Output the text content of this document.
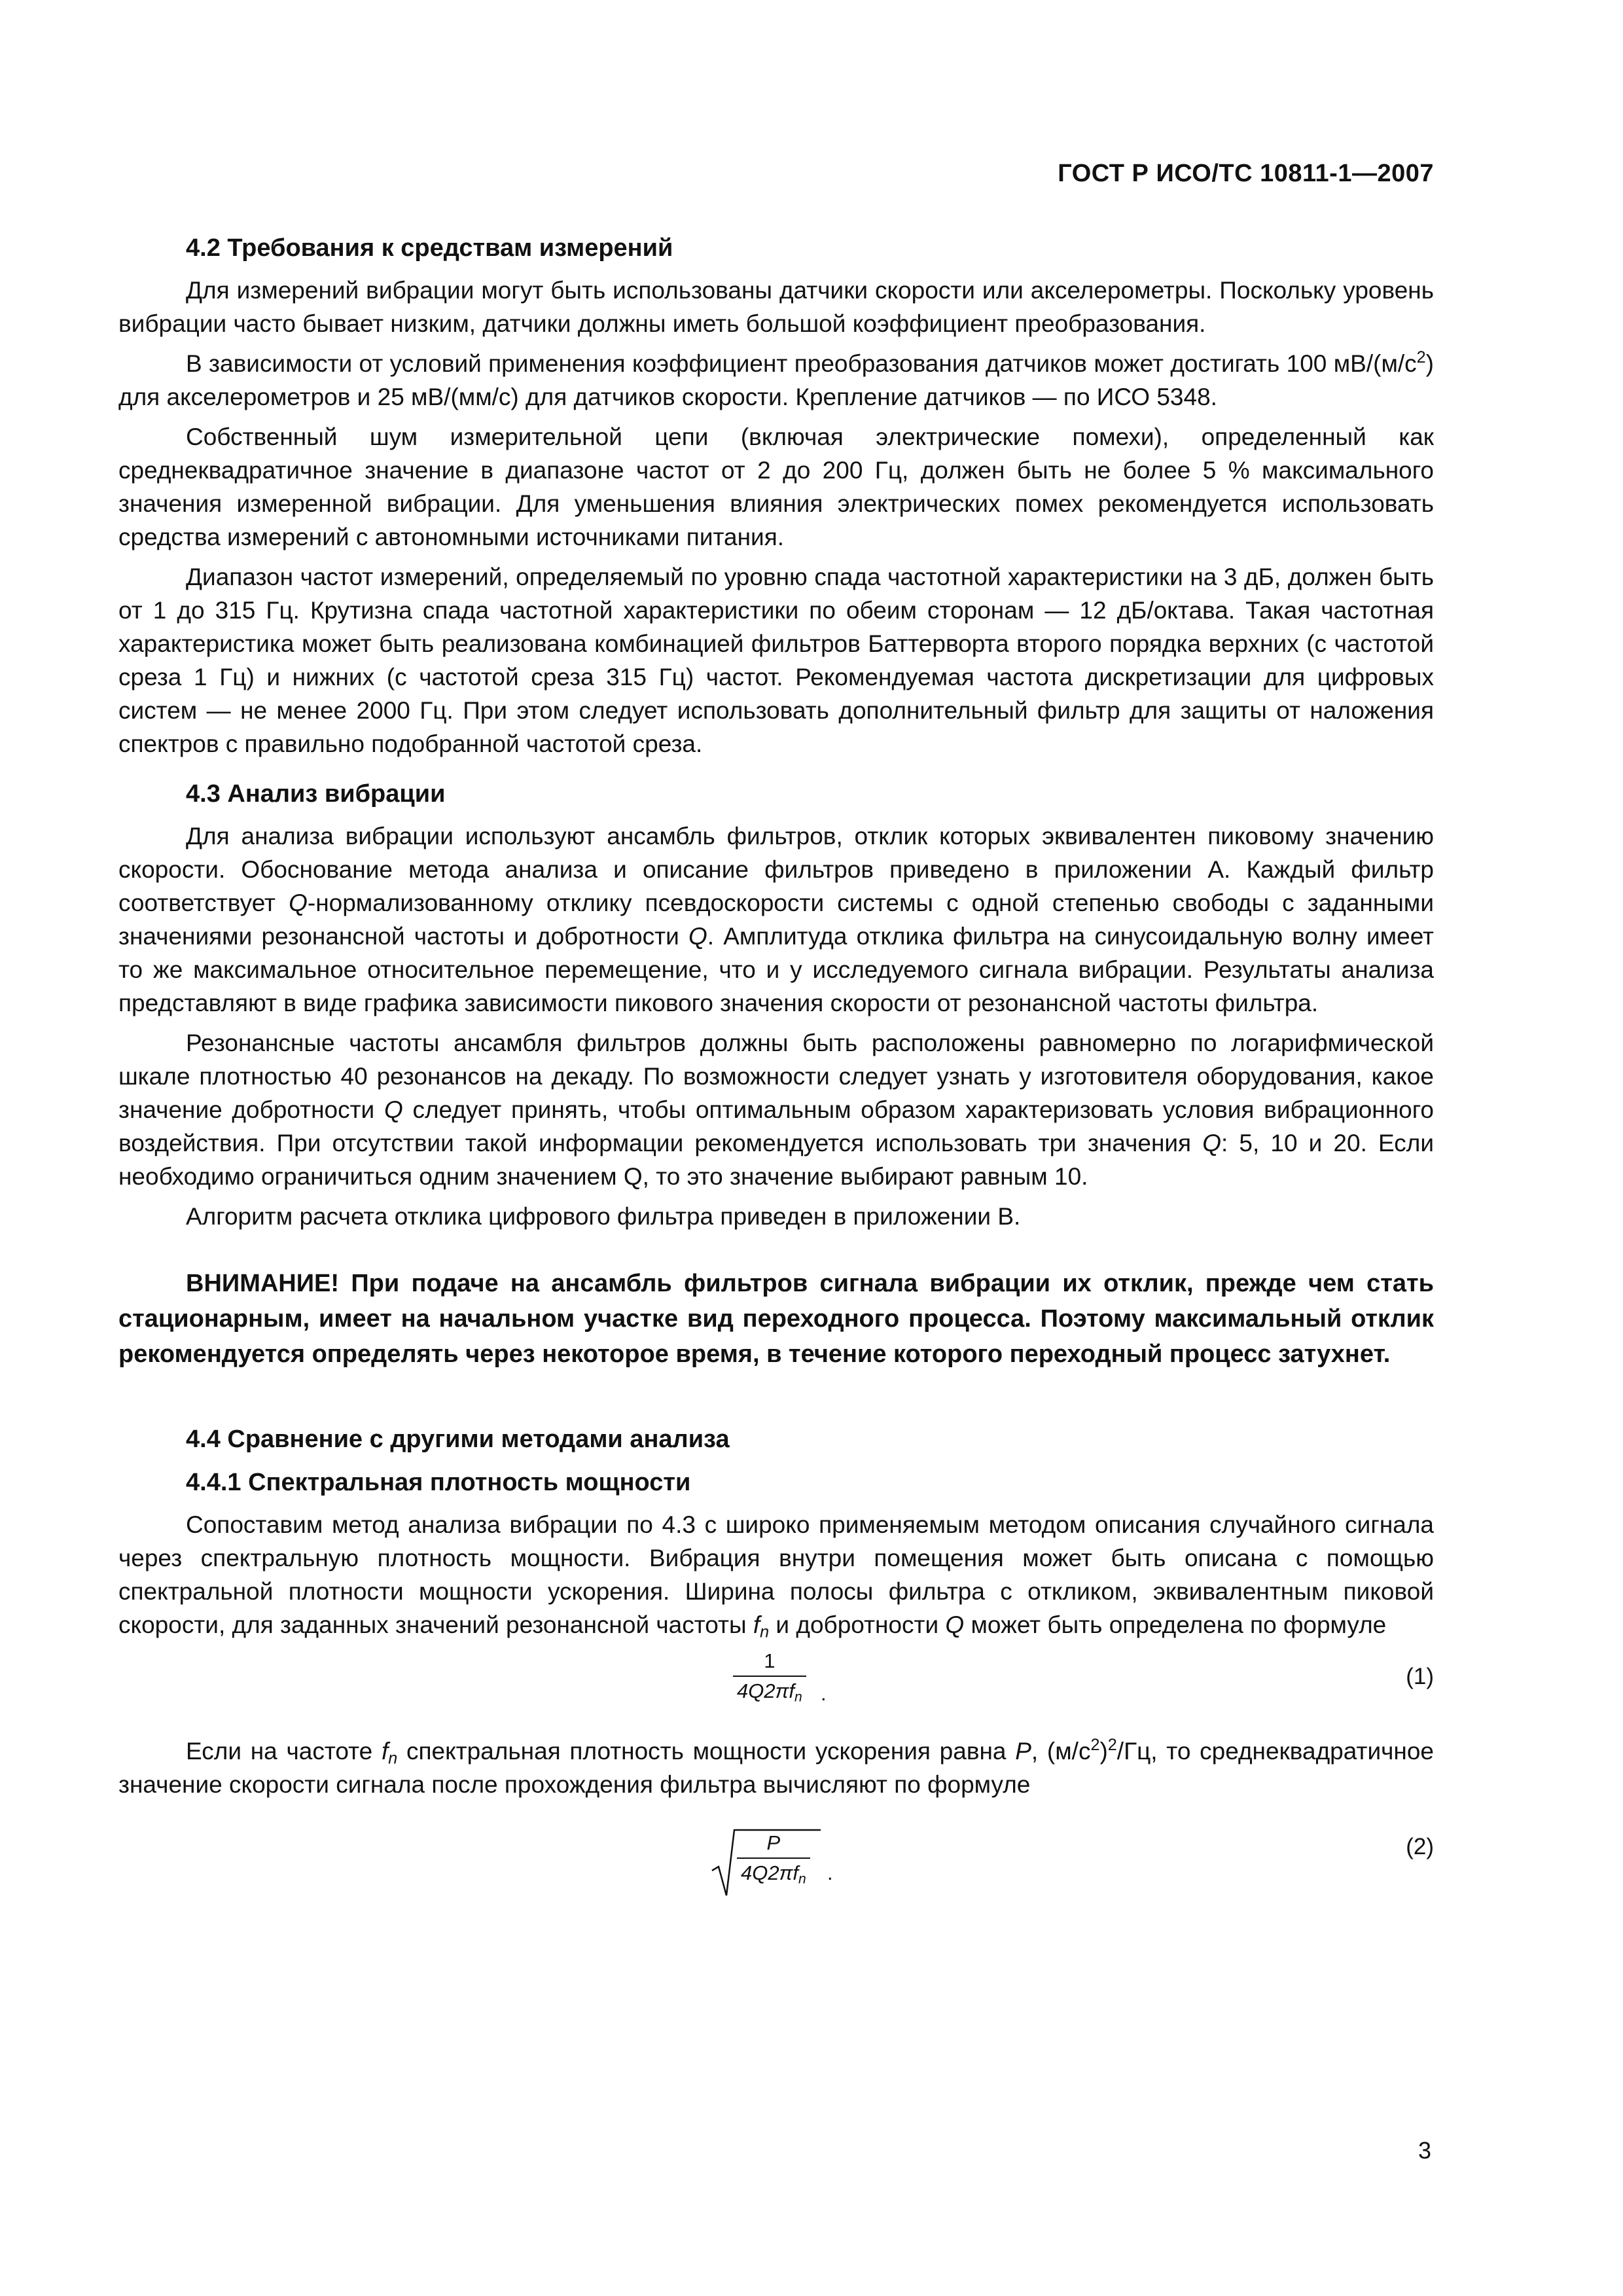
ГОСТ Р ИСО/ТС 10811-1—2007
4.2 Требования к средствам измерений

Для измерений вибрации могут быть использованы датчики скорости или акселерометры. Поскольку уровень вибрации часто бывает низким, датчики должны иметь большой коэффициент преобразования.

В зависимости от условий применения коэффициент преобразования датчиков может достигать 100 $мВ/(м/с^2)$ для акселерометров и 25 мВ/(мм/с) для датчиков скорости. Крепление датчиков — по ИСО 5348.

Собственный шум измерительной цепи (включая электрические помехи), определенный как среднеквадратичное значение в диапазоне частот от 2 до 200 Гц, должен быть не более 5 % максимального значения измеренной вибрации. Для уменьшения влияния электрических помех рекомендуется использовать средства измерений с автономными источниками питания.

Диапазон частот измерений, определяемый по уровню спада частотной характеристики на 3 дБ, должен быть от 1 до 315 Гц. Крутизна спада частотной характеристики по обеим сторонам — 12 дБ/октава. Такая частотная характеристика может быть реализована комбинацией фильтров Баттерворта второго порядка верхних (с частотой среза 1 Гц) и нижних (с частотой среза 315 Гц) частот. Рекомендуемая частота дискретизации для цифровых систем — не менее 2000 Гц. При этом следует использовать дополнительный фильтр для защиты от наложения спектров с правильно подобранной частотой среза.

4.3 Анализ вибрации

Для анализа вибрации используют ансамбль фильтров, отклик которых эквивалентен пиковому значению скорости. Обоснование метода анализа и описание фильтров приведено в приложении А. Каждый фильтр соответствует Q-нормализованному отклику псевдоскорости системы с одной степенью свободы с заданными значениями резонансной частоты и добротности Q. Амплитуда отклика фильтра на синусоидальную волну имеет то же максимальное относительное перемещение, что и у исследуемого сигнала вибрации. Результаты анализа представляют в виде графика зависимости пикового значения скорости от резонансной частоты фильтра.

Резонансные частоты ансамбля фильтров должны быть расположены равномерно по логарифмической шкале плотностью 40 резонансов на декаду. По возможности следует узнать у изготовителя оборудования, какое значение добротности Q следует принять, чтобы оптимальным образом характеризовать условия вибрационного воздействия. При отсутствии такой информации рекомендуется использовать три значения Q: 5, 10 и 20. Если необходимо ограничиться одним значением Q, то это значение выбирают равным 10.

Алгоритм расчета отклика цифрового фильтра приведен в приложении В.

ВНИМАНИЕ! При подаче на ансамбль фильтров сигнала вибрации их отклик, прежде чем стать стационарным, имеет на начальном участке вид переходного процесса. Поэтому максимальный отклик рекомендуется определять через некоторое время, в течение которого переходный процесс затухнет.

4.4 Сравнение с другими методами анализа
4.4.1 Спектральная плотность мощности

Сопоставим метод анализа вибрации по 4.3 с широко применяемым методом описания случайного сигнала через спектральную плотность мощности. Вибрация внутри помещения может быть описана с помощью спектральной плотности мощности ускорения. Ширина полосы фильтра с откликом, эквивалентным пиковой скорости, для заданных значений резонансной частоты $f_n$ и добротности Q может быть определена по формуле

1
$4Q2\pi f_n$ .
(1)

Если на частоте $f_n$ спектральная плотность мощности ускорения равна P, $(м/с^2)^2/Гц$, то среднеквадратичное значение скорости сигнала после прохождения фильтра вычисляют по формуле

P
$4Q2\pi f_n$ .
(2)
3
